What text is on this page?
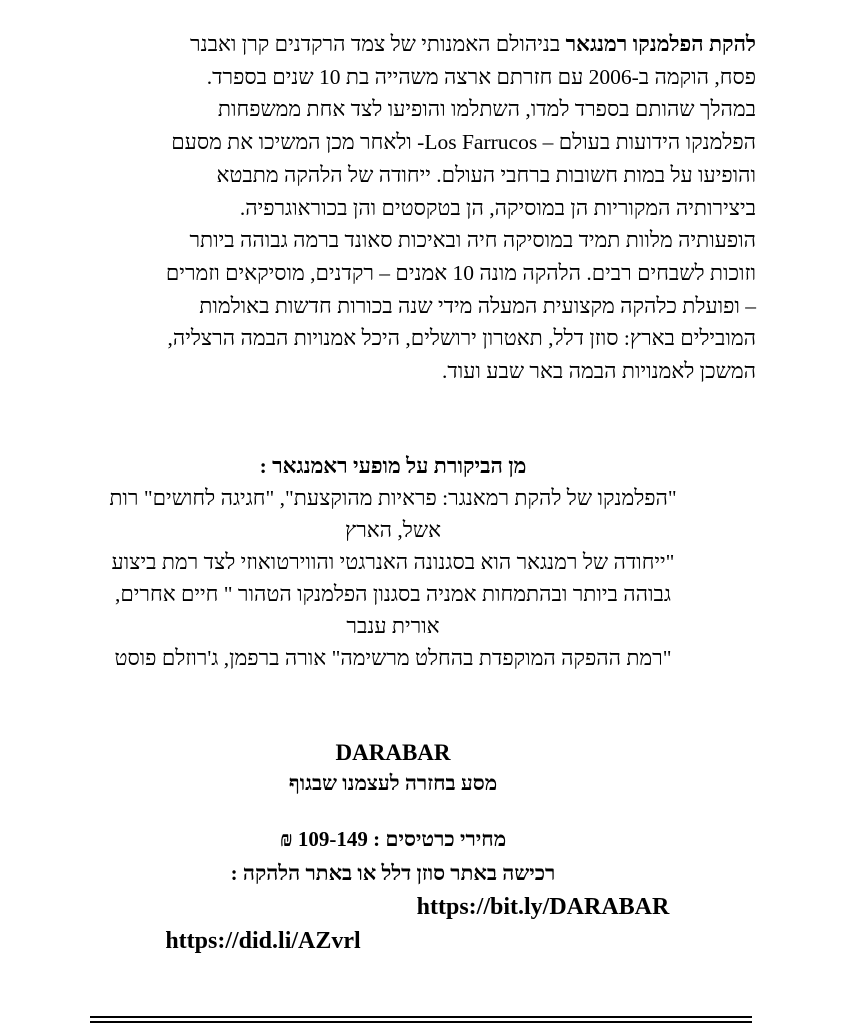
להקת הפלמנקו רמנגאר בניהולם האמנותי של צמד הרקדנים קרן ואבנר
פסח, הוקמה ב-2006 עם חזרתם ארצה משהייה בת 10 שנים בספרד.
במהלך שהותם בספרד למדו, השתלמו והופיעו לצד אחת ממשפחות
הפלמנקו הידועות בעולם – Los Farrucos- ולאחר מכן המשיכו את מסעם
והופיעו על במות חשובות ברחבי העולם. ייחודה של הלהקה מתבטא
ביצירותיה המקוריות הן במוסיקה, הן בטקסטים והן בכוראוגרפיה.
הופעותיה מלוות תמיד במוסיקה חיה ובאיכות סאונד ברמה גבוהה ביותר
וזוכות לשבחים רבים. הלהקה מונה 10 אמנים – רקדנים, מוסיקאים וזמרים
– ופועלת כלהקה מקצועית המעלה מידי שנה בכורות חדשות באולמות
המובילים בארץ: סוזן דלל, תאטרון ירושלים, היכל אמנויות הבמה הרצליה,
המשכן לאמנויות הבמה באר שבע ועוד.
מן הביקורת על מופעי ראמנגאר :
"הפלמנקו של להקת רמאנגר: פראיות מהוקצעת", "חגיגה לחושים" רות
אשל, הארץ
"ייחודה של רמנגאר הוא בסגנונה האנרגטי והווירטואוזי לצד רמת ביצוע
גבוהה ביותר ובהתמחות אמניה בסגנון הפלמנקו הטהור " חיים אחרים,
אורית ענבר
"רמת ההפקה המוקפדת בהחלט מרשימה" אורה ברפמן, ג'רוזלם פוסט
DARABAR
מסע בחזרה לעצמנו שבגוף
מחירי כרטיסים : 109-149 ₪
רכישה באתר סוזן דלל או באתר הלהקה :
https://bit.ly/DARABAR
https://did.li/AZvrl
